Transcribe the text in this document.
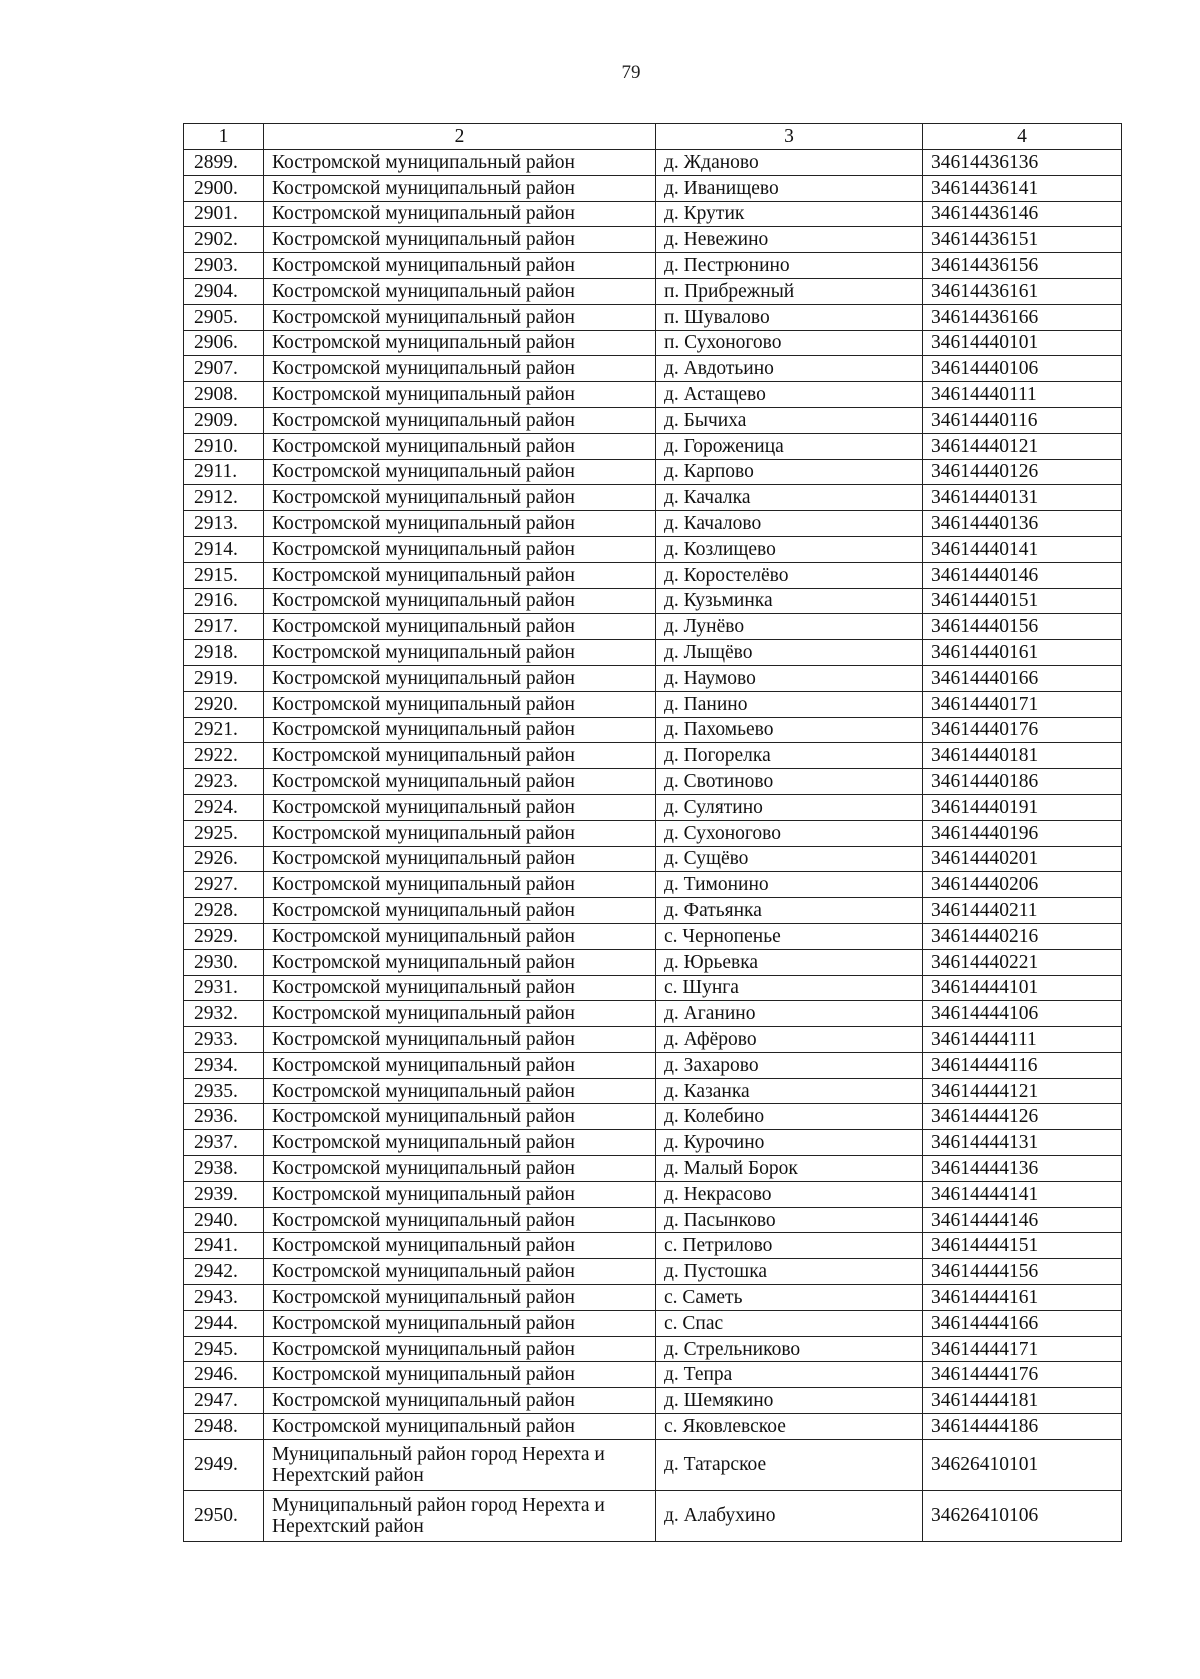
79
1	2	3	4
2899.	Костромской муниципальный район	д. Жданово	34614436136
2900.	Костромской муниципальный район	д. Иванищево	34614436141
2901.	Костромской муниципальный район	д. Крутик	34614436146
2902.	Костромской муниципальный район	д. Невежино	34614436151
2903.	Костромской муниципальный район	д. Пестрюнино	34614436156
2904.	Костромской муниципальный район	п. Прибрежный	34614436161
2905.	Костромской муниципальный район	п. Шувалово	34614436166
2906.	Костромской муниципальный район	п. Сухоногово	34614440101
2907.	Костромской муниципальный район	д. Авдотьино	34614440106
2908.	Костромской муниципальный район	д. Астащево	34614440111
2909.	Костромской муниципальный район	д. Бычиха	34614440116
2910.	Костромской муниципальный район	д. Гороженица	34614440121
2911.	Костромской муниципальный район	д. Карпово	34614440126
2912.	Костромской муниципальный район	д. Качалка	34614440131
2913.	Костромской муниципальный район	д. Качалово	34614440136
2914.	Костромской муниципальный район	д. Козлищево	34614440141
2915.	Костромской муниципальный район	д. Коростелёво	34614440146
2916.	Костромской муниципальный район	д. Кузьминка	34614440151
2917.	Костромской муниципальный район	д. Лунёво	34614440156
2918.	Костромской муниципальный район	д. Лыщёво	34614440161
2919.	Костромской муниципальный район	д. Наумово	34614440166
2920.	Костромской муниципальный район	д. Панино	34614440171
2921.	Костромской муниципальный район	д. Пахомьево	34614440176
2922.	Костромской муниципальный район	д. Погорелка	34614440181
2923.	Костромской муниципальный район	д. Свотиново	34614440186
2924.	Костромской муниципальный район	д. Сулятино	34614440191
2925.	Костромской муниципальный район	д. Сухоногово	34614440196
2926.	Костромской муниципальный район	д. Сущёво	34614440201
2927.	Костромской муниципальный район	д. Тимонино	34614440206
2928.	Костромской муниципальный район	д. Фатьянка	34614440211
2929.	Костромской муниципальный район	с. Чернопенье	34614440216
2930.	Костромской муниципальный район	д. Юрьевка	34614440221
2931.	Костромской муниципальный район	с. Шунга	34614444101
2932.	Костромской муниципальный район	д. Аганино	34614444106
2933.	Костромской муниципальный район	д. Афёрово	34614444111
2934.	Костромской муниципальный район	д. Захарово	34614444116
2935.	Костромской муниципальный район	д. Казанка	34614444121
2936.	Костромской муниципальный район	д. Колебино	34614444126
2937.	Костромской муниципальный район	д. Курочино	34614444131
2938.	Костромской муниципальный район	д. Малый Борок	34614444136
2939.	Костромской муниципальный район	д. Некрасово	34614444141
2940.	Костромской муниципальный район	д. Пасынково	34614444146
2941.	Костромской муниципальный район	с. Петрилово	34614444151
2942.	Костромской муниципальный район	д. Пустошка	34614444156
2943.	Костромской муниципальный район	с. Саметь	34614444161
2944.	Костромской муниципальный район	с. Спас	34614444166
2945.	Костромской муниципальный район	д. Стрельниково	34614444171
2946.	Костромской муниципальный район	д. Тепра	34614444176
2947.	Костромской муниципальный район	д. Шемякино	34614444181
2948.	Костромской муниципальный район	с. Яковлевское	34614444186
2949.	Муниципальный район город Нерехта и Нерехтский район	д. Татарское	34626410101
2950.	Муниципальный район город Нерехта и Нерехтский район	д. Алабухино	34626410106
